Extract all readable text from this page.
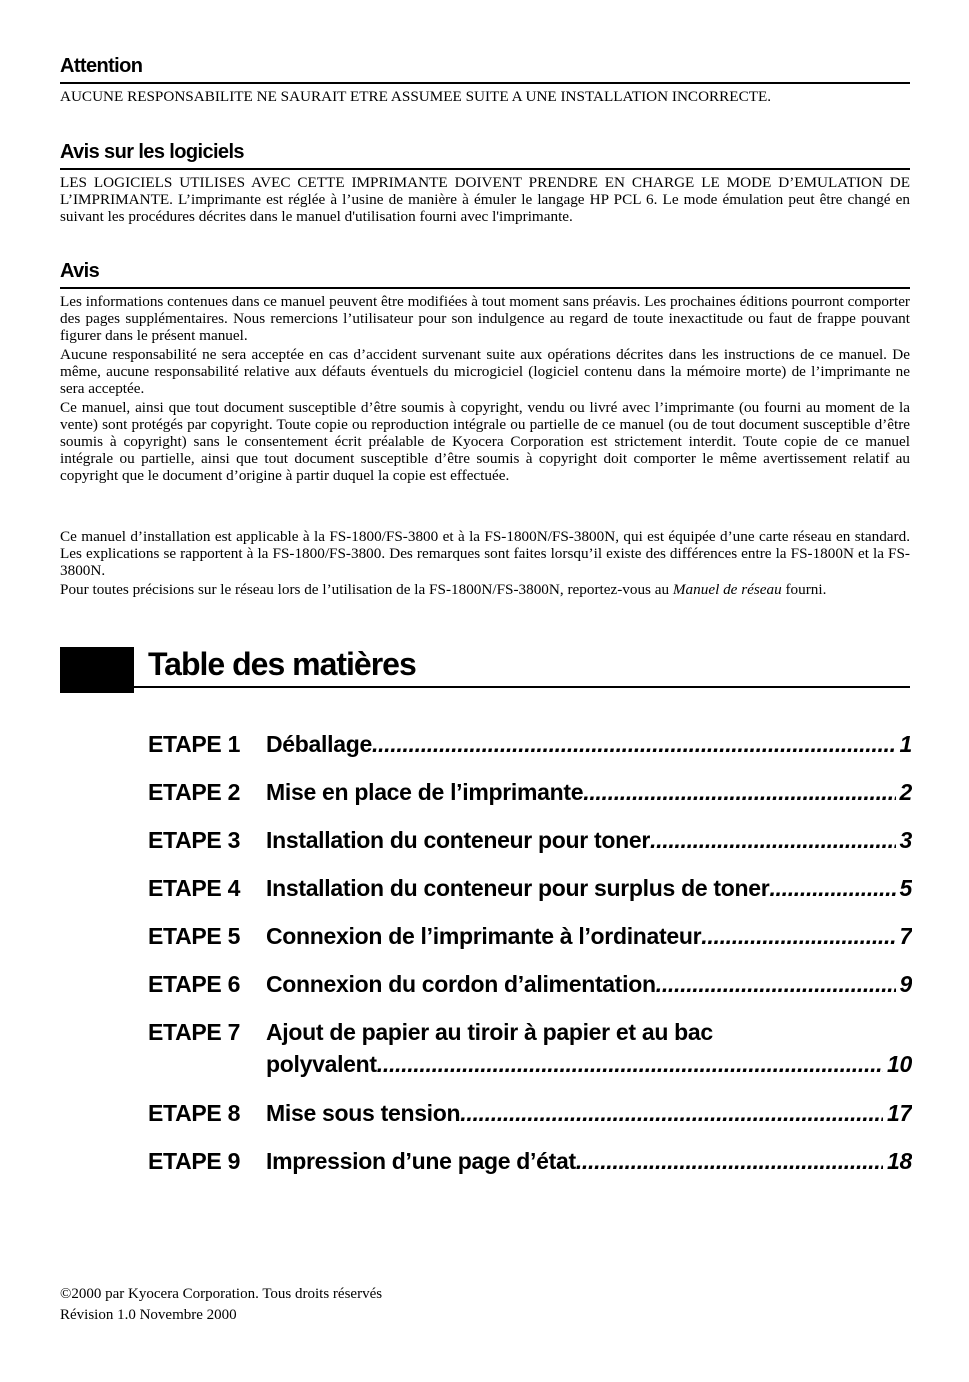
Attention

AUCUNE RESPONSABILITE NE SAURAIT ETRE ASSUMEE SUITE A UNE INSTALLATION INCORRECTE.

Avis sur les logiciels

LES LOGICIELS UTILISES AVEC CETTE IMPRIMANTE DOIVENT PRENDRE EN CHARGE LE MODE D’EMULATION DE L’IMPRIMANTE. L’imprimante est réglée à l’usine de manière à émuler le langage HP PCL 6. Le mode émulation peut être changé en suivant les procédures décrites dans le manuel d'utilisation fourni avec l'imprimante.

Avis

Les informations contenues dans ce manuel peuvent être modifiées à tout moment sans préavis. Les prochaines éditions pourront comporter des pages supplémentaires. Nous remercions l’utilisateur pour son indulgence au regard de toute inexactitude ou faut de frappe pouvant figurer dans le présent manuel.

Aucune responsabilité ne sera acceptée en cas d’accident survenant suite aux opérations décrites dans les instructions de ce manuel. De même, aucune responsabilité relative aux défauts éventuels du microgiciel (logiciel contenu dans la mémoire morte) de l’imprimante ne sera acceptée.

Ce manuel, ainsi que tout document susceptible d’être soumis à copyright, vendu ou livré avec l’imprimante (ou fourni au moment de la vente) sont protégés par copyright. Toute copie ou reproduction intégrale ou partielle de ce manuel (ou de tout document susceptible d’être soumis à copyright) sans le consentement écrit préalable de Kyocera Corporation est strictement interdit. Toute copie de ce manuel intégrale ou partielle, ainsi que tout document susceptible d’être soumis à copyright doit comporter le même avertissement relatif au copyright que le document d’origine à partir duquel la copie est effectuée.

Ce manuel d’installation est applicable à la FS-1800/FS-3800 et à la FS-1800N/FS-3800N, qui est équipée d’une carte réseau en standard. Les explications se rapportent à la FS-1800/FS-3800. Des remarques sont faites lorsqu’il existe des différences entre la FS-1800N et la FS-3800N.

Pour toutes précisions sur le réseau lors de l’utilisation de la FS-1800N/FS-3800N, reportez-vous au Manuel de réseau fourni.

Table des matières
ETAPE 1 Déballage .....	1
ETAPE 2 Mise en place de l’imprimante .....	2
ETAPE 3 Installation du conteneur pour toner .....	3
ETAPE 4 Installation du conteneur pour surplus de toner .....	5
ETAPE 5 Connexion de l’imprimante à l’ordinateur .....	7
ETAPE 6 Connexion du cordon d’alimentation .....	9
ETAPE 7 Ajout de papier au tiroir à papier et au bac
polyvalent .....	10
ETAPE 8 Mise sous tension .....	17
ETAPE 9 Impression d’une page d’état .....	18
©2000 par Kyocera Corporation. Tous droits réservés
Révision 1.0 Novembre 2000
